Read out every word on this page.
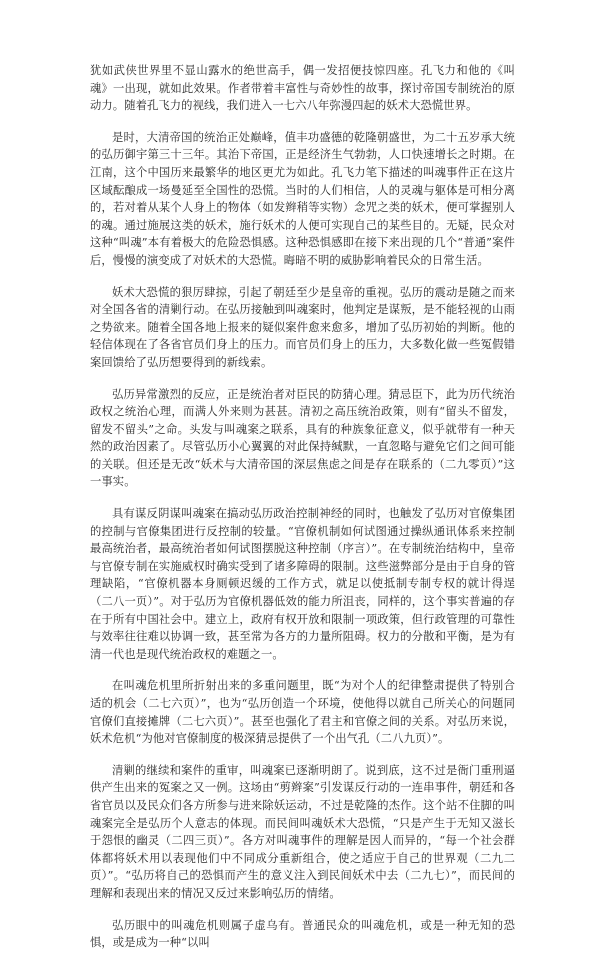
犹如武侠世界里不显山露水的绝世高手，偶一发招便技惊四座。孔飞力和他的《叫魂》一出现，就如此效果。作者带着丰富性与奇妙性的故事，探讨帝国专制统治的原动力。随着孔飞力的视线，我们进入一七六八年弥漫四起的妖术大恐慌世界。

是时，大清帝国的统治正处巅峰，值丰功盛德的乾隆朝盛世，为二十五岁承大统的弘历御宇第三十三年。其治下帝国，正是经济生气勃勃，人口快速增长之时期。在江南，这个中国历来最繁华的地区更尤为如此。孔飞力笔下描述的叫魂事件正在这片区域酝酿成一场曼延至全国性的恐慌。当时的人们相信，人的灵魂与躯体是可相分离的，若对着从某个人身上的物体（如发辫稍等实物）念咒之类的妖术，便可掌握别人的魂。通过施展这类的妖术，施行妖术的人便可实现自己的某些目的。无疑，民众对这种“叫魂”本有着极大的危险恐惧感。这种恐惧感即在接下来出现的几个“普通”案件后，慢慢的演变成了对妖术的大恐慌。晦暗不明的威胁影响着民众的日常生活。

妖术大恐慌的狠厉肆掠，引起了朝廷至少是皇帝的重视。弘历的震动是随之而来对全国各省的清剿行动。在弘历接触到叫魂案时，他判定是谋叛，是不能轻视的山雨之势欲来。随着全国各地上报来的疑似案件愈来愈多，增加了弘历初始的判断。他的轻信体现在了各省官员们身上的压力。而官员们身上的压力，大多数化做一些冤假错案回馈给了弘历想要得到的新线索。

弘历异常激烈的反应，正是统治者对臣民的防猜心理。猜忌臣下，此为历代统治政权之统治心理，而满人外来则为甚甚。清初之高压统治政策，则有“留头不留发，留发不留头”之命。头发与叫魂案之联系，具有的种族象征意义，似乎就带有一种天然的政治因素了。尽管弘历小心翼翼的对此保持缄默，一直忽略与避免它们之间可能的关联。但还是无改“妖术与大清帝国的深层焦虑之间是存在联系的（二九零页）”这一事实。

具有谋反阴谋叫魂案在搞动弘历政治控制神经的同时，也触发了弘历对官僚集团的控制与官僚集团进行反控制的较量。“官僚机制如何试图通过操纵通讯体系来控制最高统治者，最高统治者如何试图摆脱这种控制（序言）”。在专制统治结构中，皇帝与官僚专制在实施威权时确实受到了诸多障碍的限制。这些滋弊部分是由于自身的管理缺陷，“官僚机器本身厕顿迟缓的工作方式，就足以使抵制专制专权的就计得逞（二八一页）”。对于弘历为官僚机器低效的能力所沮丧，同样的，这个事实普遍的存在于所有中国社会中。建立上，政府有权开放和限制一项政策，但行政管理的可靠性与效率往往难以协调一致，甚至常为各方的力量所阻碍。权力的分散和平衡，是为有清一代也是现代统治政权的难题之一。

在叫魂危机里所折射出来的多重问题里，既“为对个人的纪律整肃提供了特别合适的机会（二七六页）”，也为“弘历创造一个环境，使他得以就自己所关心的问题同官僚们直接摊牌（二七六页）”。甚至也强化了君主和官僚之间的关系。对弘历来说，妖术危机“为他对官僚制度的极深猜忌提供了一个出气孔（二八九页）”。

清剿的继续和案件的重审，叫魂案已逐渐明朗了。说到底，这不过是衙门重刑逼供产生出来的冤案之又一例。这场由“剪辫案”引发谋反行动的一连串事件，朝廷和各省官员以及民众们各方所参与进来除妖运动，不过是乾隆的杰作。这个站不住脚的叫魂案完全是弘历个人意志的体现。而民间叫魂妖术大恐慌，“只是产生于无知又滋长于怨恨的幽灵（二四三页）”。各方对叫魂事件的理解是因人而异的，“每一个社会群体都将妖术用以表现他们中不同成分重新组合，使之适应于自己的世界观（二九二页）”。“弘历将自己的恐惧而产生的意义注入到民间妖术中去（二九七）”，而民间的理解和表现出来的情况又反过来影响弘历的情绪。

弘历眼中的叫魂危机则属子虚乌有。普通民众的叫魂危机，或是一种无知的恐惧，或是成为一种“以叫
